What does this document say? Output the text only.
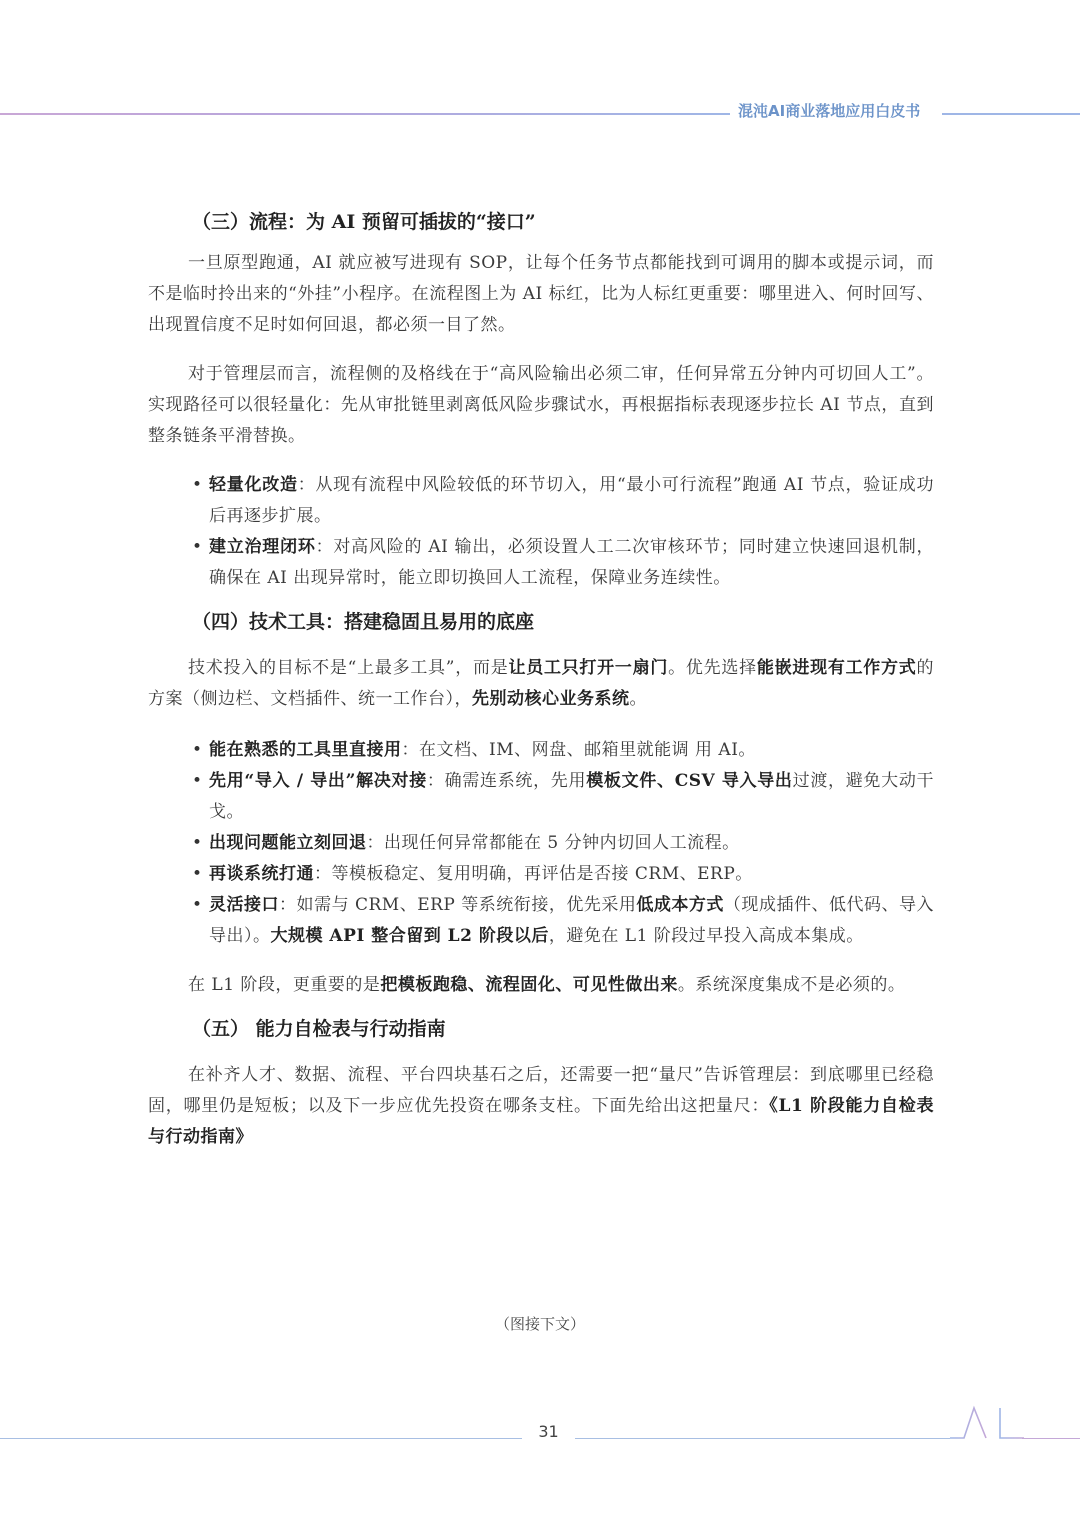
混沌AI商业落地应用白皮书
（三）流程：为 AI 预留可插拔的“接口”

一旦原型跑通，AI 就应被写进现有 SOP，让每个任务节点都能找到可调用的脚本或提示词，而不是临时拎出来的“外挂”小程序。在流程图上为 AI 标红，比为人标红更重要：哪里进入、何时回写、出现置信度不足时如何回退，都必须一目了然。

对于管理层而言，流程侧的及格线在于“高风险输出必须二审，任何异常五分钟内可切回人工”。实现路径可以很轻量化：先从审批链里剥离低风险步骤试水，再根据指标表现逐步拉长 AI 节点，直到整条链条平滑替换。

• 轻量化改造：从现有流程中风险较低的环节切入，用“最小可行流程”跑通 AI 节点，验证成功后再逐步扩展。
• 建立治理闭环：对高风险的 AI 输出，必须设置人工二次审核环节；同时建立快速回退机制，确保在 AI 出现异常时，能立即切换回人工流程，保障业务连续性。
（四）技术工具：搭建稳固且易用的底座

技术投入的目标不是“上最多工具”，而是让员工只打开一扇门。优先选择能嵌进现有工作方式的方案（侧边栏、文档插件、统一工作台），先别动核心业务系统。

• 能在熟悉的工具里直接用：在文档、IM、网盘、邮箱里就能调 用 AI。
• 先用“导入 / 导出”解决对接：确需连系统，先用模板文件、CSV 导入导出过渡，避免大动干戈。
• 出现问题能立刻回退：出现任何异常都能在 5 分钟内切回人工流程。
• 再谈系统打通：等模板稳定、复用明确，再评估是否接 CRM、ERP。
• 灵活接口：如需与 CRM、ERP 等系统衔接，优先采用低成本方式（现成插件、低代码、导入导出）。大规模 API 整合留到 L2 阶段以后，避免在 L1 阶段过早投入高成本集成。

在 L1 阶段，更重要的是把模板跑稳、流程固化、可见性做出来。系统深度集成不是必须的。

（五） 能力自检表与行动指南

在补齐人才、数据、流程、平台四块基石之后，还需要一把“量尺”告诉管理层：到底哪里已经稳固，哪里仍是短板；以及下一步应优先投资在哪条支柱。下面先给出这把量尺：《L1 阶段能力自检表与行动指南》

（图接下文）
31
